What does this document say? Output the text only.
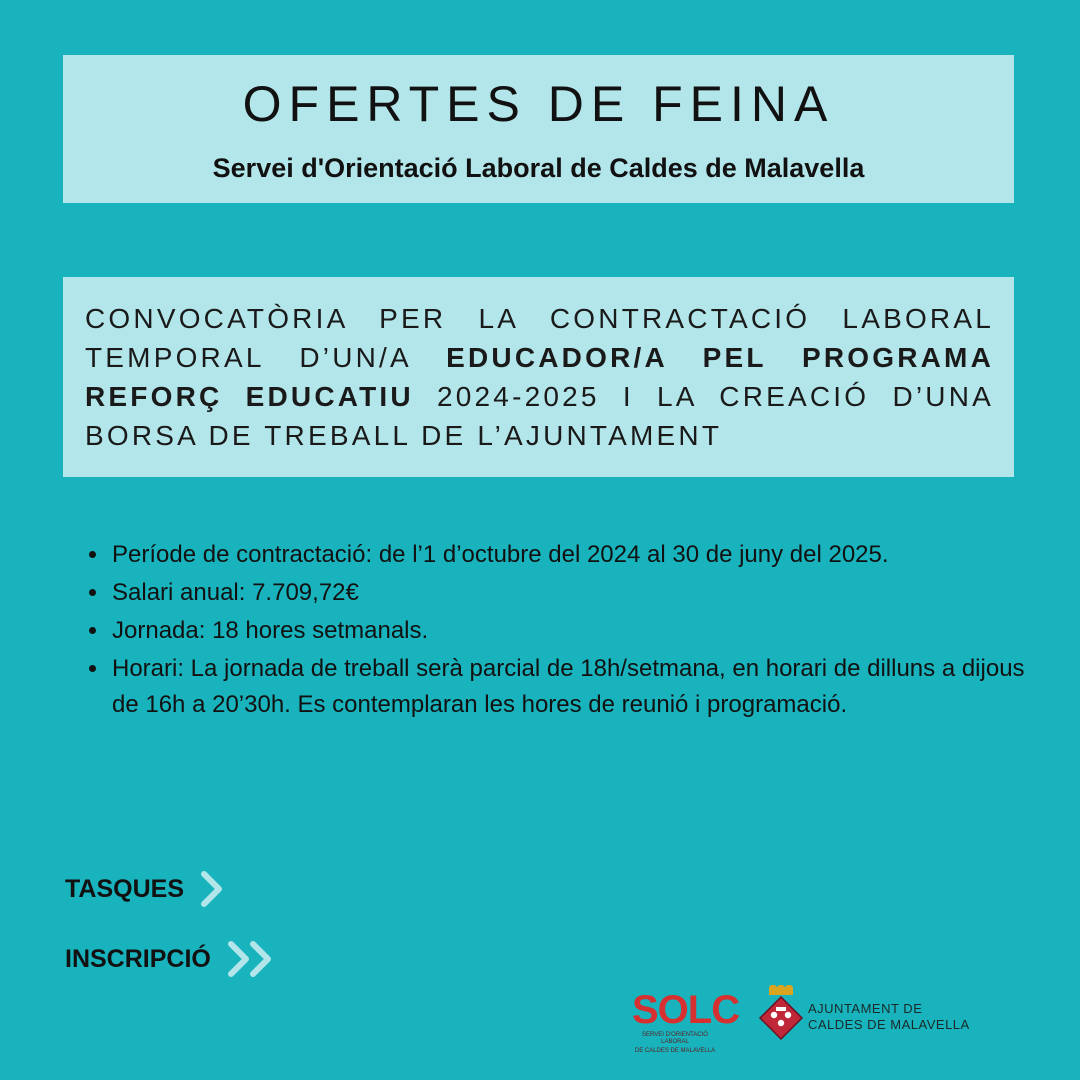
OFERTES DE FEINA

Servei d'Orientació Laboral de Caldes de Malavella

CONVOCATÒRIA PER LA CONTRACTACIÓ LABORAL TEMPORAL D’UN/A EDUCADOR/A PEL PROGRAMA REFORÇ EDUCATIU 2024-2025 I LA CREACIÓ D’UNA BORSA DE TREBALL DE L’AJUNTAMENT

• Període de contractació: de l’1 d’octubre del 2024 al 30 de juny del 2025.
• Salari anual: 7.709,72€
• Jornada: 18 hores setmanals.
• Horari: La jornada de treball serà parcial de 18h/setmana, en horari de dilluns a dijous de 16h a 20’30h. Es contemplaran les hores de reunió i programació.
TASQUES
INSCRIPCIÓ
SOLC
SERVEI D'ORIENTACIÓ LABORAL
DE CALDES DE MALAVELLA
AJUNTAMENT DE
CALDES DE MALAVELLA
